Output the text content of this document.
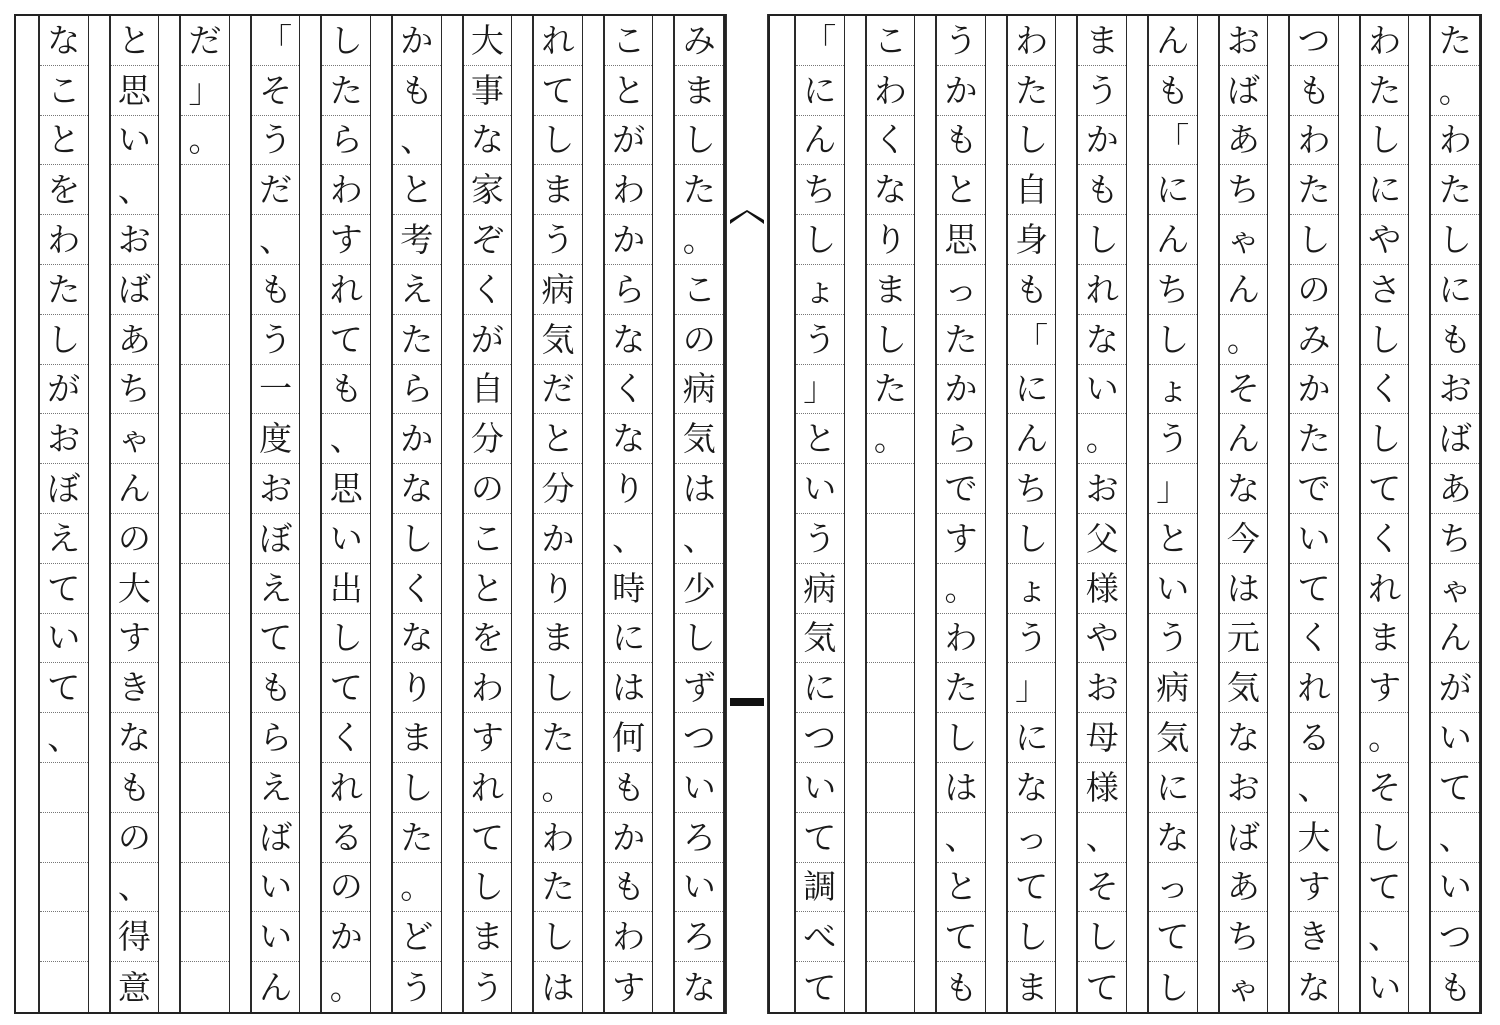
み
ま
し
た
。
こ
の
病
気
は
、
少
し
ず
つ
い
ろ
い
ろ
な
こ
と
が
わ
か
ら
な
く
な
り
、
時
に
は
何
も
か
も
わ
す
れ
て
し
ま
う
病
気
だ
と
分
か
り
ま
し
た
。
わ
た
し
は
大
事
な
家
ぞ
く
が
自
分
の
こ
と
を
わ
す
れ
て
し
ま
う
か
も
、
と
考
え
た
ら
か
な
し
く
な
り
ま
し
た
。
ど
う
し
た
ら
わ
す
れ
て
も
、
思
い
出
し
て
く
れ
る
の
か
。
「
そ
う
だ
、
も
う
一
度
お
ぼ
え
て
も
ら
え
ば
い
い
ん
だ
」
。
と
思
い
、
お
ば
あ
ち
ゃ
ん
の
大
す
き
な
も
の
、
得
意
な
こ
と
を
わ
た
し
が
お
ぼ
え
て
い
て
、
た
。
わ
た
し
に
も
お
ば
あ
ち
ゃ
ん
が
い
て
、
い
つ
も
わ
た
し
に
や
さ
し
く
し
て
く
れ
ま
す
。
そ
し
て
、
い
つ
も
わ
た
し
の
み
か
た
で
い
て
く
れ
る
、
大
す
き
な
お
ば
あ
ち
ゃ
ん
。
そ
ん
な
今
は
元
気
な
お
ば
あ
ち
ゃ
ん
も
「
に
ん
ち
し
ょ
う
」
と
い
う
病
気
に
な
っ
て
し
ま
う
か
も
し
れ
な
い
。
お
父
様
や
お
母
様
、
そ
し
て
わ
た
し
自
身
も
「
に
ん
ち
し
ょ
う
」
に
な
っ
て
し
ま
う
か
も
と
思
っ
た
か
ら
で
す
。
わ
た
し
は
、
と
て
も
こ
わ
く
な
り
ま
し
た
。
「
に
ん
ち
し
ょ
う
」
と
い
う
病
気
に
つ
い
て
調
べ
て
